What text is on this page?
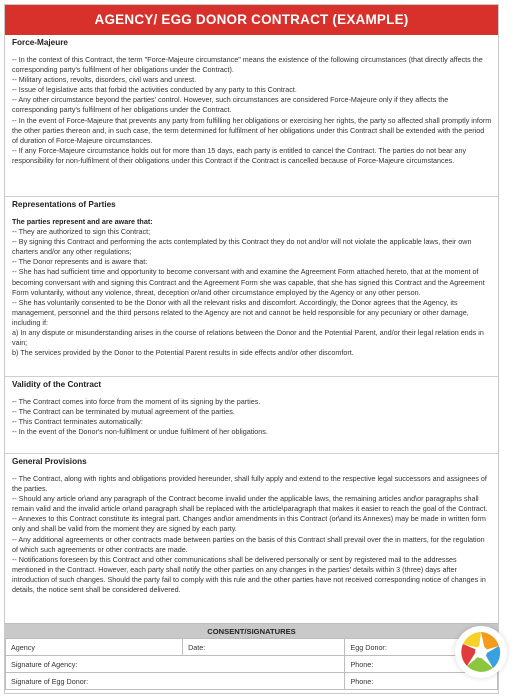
AGENCY/ EGG DONOR CONTRACT (EXAMPLE)
Force-Majeure
-- In the context of this Contract, the term "Force-Majeure circumstance" means the existence of the following circumstances (that directly affects the corresponding party's fulfilment of her obligations under the Contract).
-- Military actions, revolts, disorders, civil wars and unrest.
-- Issue of legislative acts that forbid the activities conducted by any party to this Contract.
-- Any other circumstance beyond the parties' control. However, such circumstances are considered Force-Majeure only if they affects the corresponding party's fulfilment of her obligations under the Contract.
-- In the event of Force-Majeure that prevents any party from fulfilling her obligations or exercising her rights, the party so affected shall promptly inform the other parties thereon and, in such case, the term determined for fulfilment of her obligations under this Contract shall be extended with the period of duration of Force-Majeure circumstances.
-- If any Force-Majeure circumstance holds out for more than 15 days, each party is entitled to cancel the Contract. The parties do not bear any responsibility for non-fulfilment of their obligations under this Contract if the Contract is cancelled because of Force-Majeure circumstances.
Representations of Parties
The parties represent and are aware that:
-- They are authorized to sign this Contract;
-- By signing this Contract and performing the acts contemplated by this Contract they do not and/or will not violate the applicable laws, their own charters and/or any other regulations;
-- The Donor represents and is aware that:
-- She has had sufficient time and opportunity to become conversant with and examine the Agreement Form attached hereto, that at the moment of becoming conversant with and signing this Contract and the Agreement Form she was capable, that she has signed this Contract and the Agreement Form voluntarily, without any violence, threat, deception or/and other circumstance employed by the Agency or any other person.
-- She has voluntarily consented to be the Donor with all the relevant risks and discomfort. Accordingly, the Donor agrees that the Agency, its management, personnel and the third persons related to the Agency are not and cannot be held responsible for any pecuniary or other damage, including if:
a) In any dispute or misunderstanding arises in the course of relations between the Donor and the Potential Parent, and/or their legal relation ends in vain;
b) The services provided by the Donor to the Potential Parent results in side effects and/or other discomfort.
Validity of the Contract
-- The Contract comes into force from the moment of its signing by the parties.
-- The Contract can be terminated by mutual agreement of the parties.
-- This Contract terminates automatically:
-- In the event of the Donor's non-fulfilment or undue fulfilment of her obligations.
General Provisions
-- The Contract, along with rights and obligations provided hereunder, shall fully apply and extend to the respective legal successors and assignees of the parties.
-- Should any article or\and any paragraph of the Contract become invalid under the applicable laws, the remaining articles and\or paragraphs shall remain valid and the invalid article or\and paragraph shall be replaced with the article\paragraph that makes it easier to reach the goal of the Contract.
-- Annexes to this Contract constitute its integral part. Changes and\or amendments in this Contract (or\and its Annexes) may be made in written form only and shall be valid from the moment they are signed by each party.
-- Any additional agreements or other contracts made between parties on the basis of this Contract shall prevail over the in matters, for the regulation of which such agreements or other contracts are made.
-- Notifications foreseen by this Contract and other communications shall be delivered personally or sent by registered mail to the addresses mentioned in the Contract. However, each party shall notify the other parties on any changes in the parties' details within 3 (three) days after introduction of such changes. Should the party fail to comply with this rule and the other parties have not received corresponding notice of changes in details, the notice sent shall be considered delivered.
CONSENT/SIGNATURES
Agency	Date:	Egg Donor:
Signature of Agency:		Phone:
Signature of Egg Donor:		Phone:
